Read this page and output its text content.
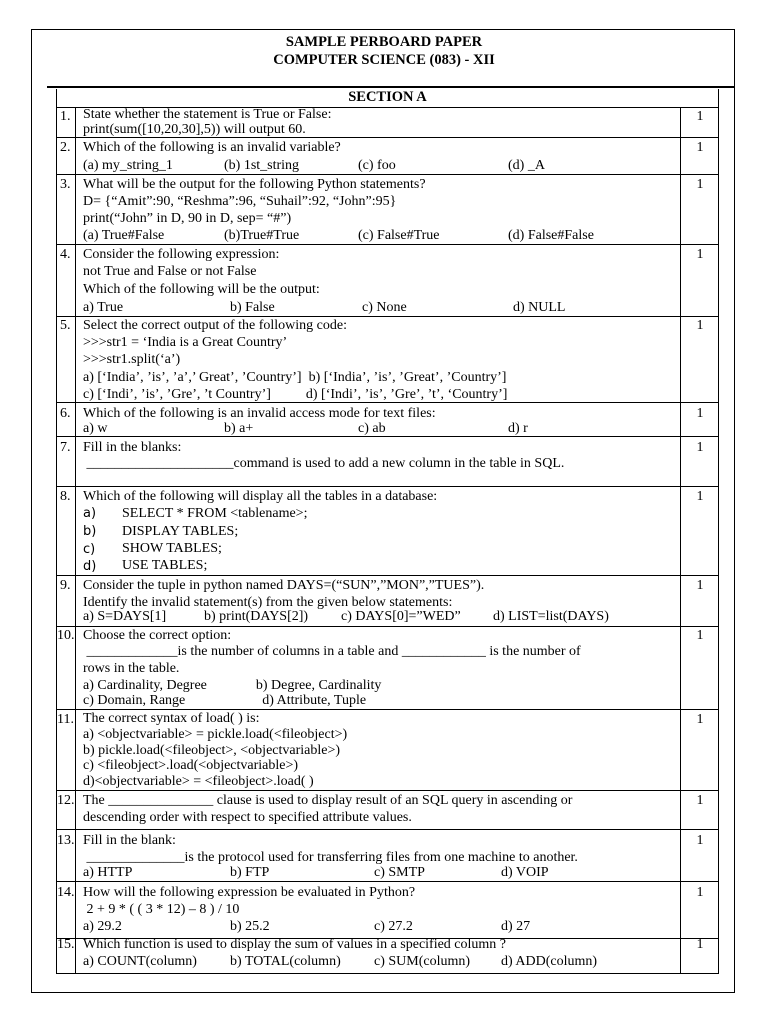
SAMPLE PERBOARD PAPER
COMPUTER SCIENCE (083) - XII
SECTION A
1. State whether the statement is True or False:
print(sum([10,20,30],5)) will output 60.
1
2. Which of the following is an invalid variable?
(a) my_string_1	(b) 1st_string	(c) foo	(d) _A
1
3. What will be the output for the following Python statements?
D= {“Amit”:90, “Reshma”:96, “Suhail”:92, “John”:95}
print(“John” in D, 90 in D, sep= “#”)
(a) True#False	(b)True#True	(c) False#True	(d) False#False
1
4. Consider the following expression:
not True and False or not False
Which of the following will be the output:
a) True	b) False	c) None	d) NULL
1
5. Select the correct output of the following code:
>>>str1 = ‘India is a Great Country’
>>>str1.split(‘a’)
a) [‘India’, ’is’, ’a’,’ Great’, ’Country’]  b) [‘India’, ’is’, ’Great’, ’Country’]
c) [‘Indi’, ’is’, ’Gre’, ’t Country’]          d) [‘Indi’, ’is’, ’Gre’, ’t’, ‘Country’]
1
6. Which of the following is an invalid access mode for text files:
a) w	b) a+	c) ab	d) r
1
7. Fill in the blanks:
_____________________command is used to add a new column in the table in SQL.
1
8. Which of the following will display all the tables in a database:
a) SELECT * FROM <tablename>;
b) DISPLAY TABLES;
c) SHOW TABLES;
d) USE TABLES;
1
9. Consider the tuple in python named DAYS=(“SUN”,”MON”,”TUES”).
Identify the invalid statement(s) from the given below statements:
a) S=DAYS[1]	b) print(DAYS[2]) c) DAYS[0]=”WED” d) LIST=list(DAYS)
1
10. Choose the correct option:
_____________is the number of columns in a table and ____________ is the number of
rows in the table.
a) Cardinality, Degree              b) Degree, Cardinality
c) Domain, Range                      d) Attribute, Tuple
1
11. The correct syntax of load( ) is:
a) <objectvariable> = pickle.load(<fileobject>)
b) pickle.load(<fileobject>, <objectvariable>)
c) <fileobject>.load(<objectvariable>)
d)<objectvariable> = <fileobject>.load( )
1
12. The _______________ clause is used to display result of an SQL query in ascending or
descending order with respect to specified attribute values.
1
13. Fill in the blank:
______________is the protocol used for transferring files from one machine to another.
a) HTTP	b) FTP	c) SMTP	d) VOIP
1
14. How will the following expression be evaluated in Python?
2 + 9 * ( ( 3 * 12) – 8 ) / 10
a) 29.2	b) 25.2	c) 27.2	d) 27
1
15. Which function is used to display the sum of values in a specified column ?
a) COUNT(column) b) TOTAL(column) c) SUM(column) d) ADD(column)
1
